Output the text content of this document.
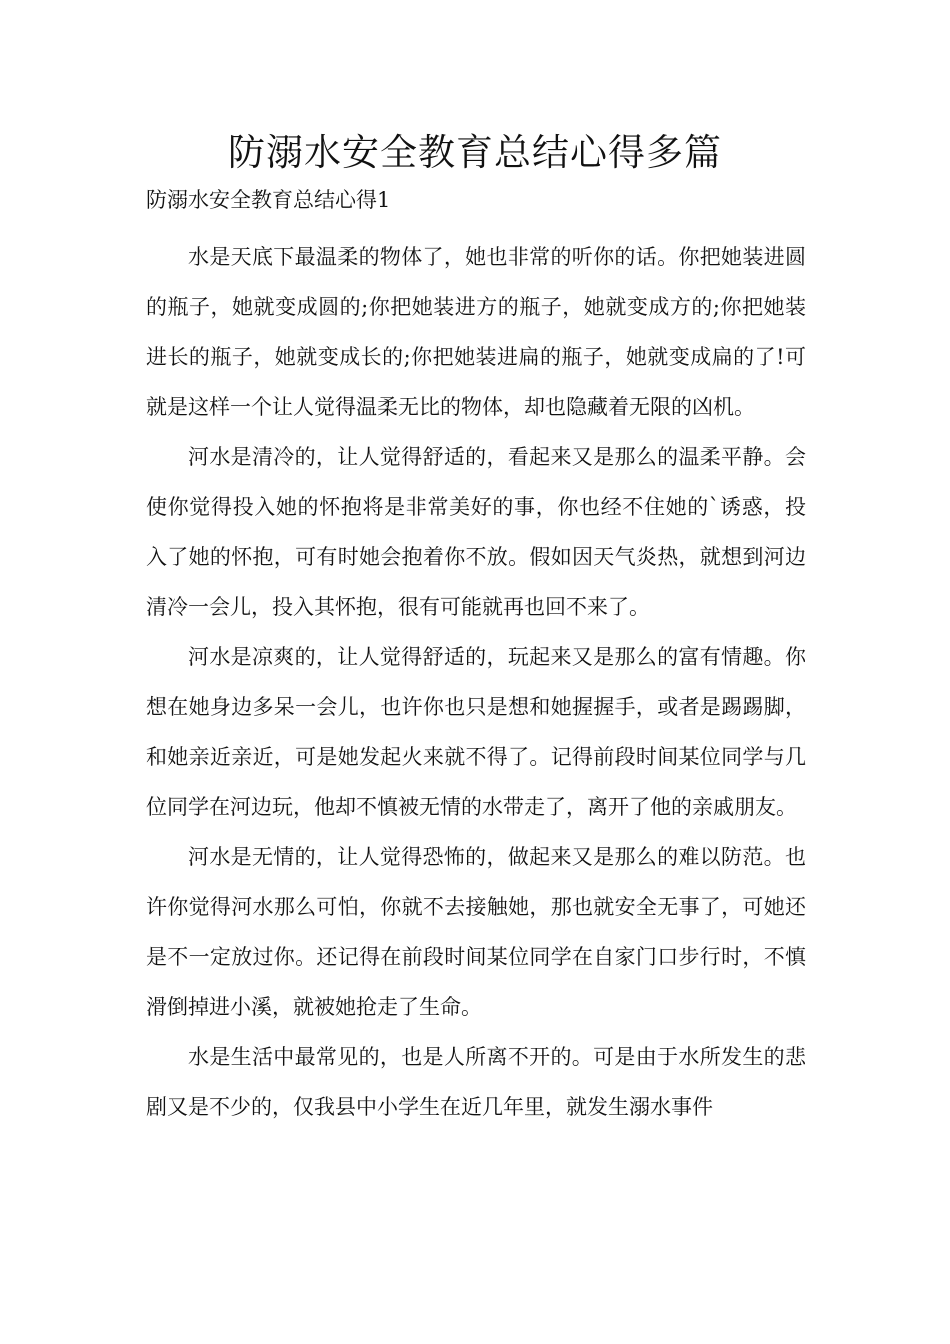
防溺水安全教育总结心得多篇
防溺水安全教育总结心得1

水是天底下最温柔的物体了，她也非常的听你的话。你把她装进圆的瓶子，她就变成圆的;你把她装进方的瓶子，她就变成方的;你把她装进长的瓶子，她就变成长的;你把她装进扁的瓶子，她就变成扁的了!可就是这样一个让人觉得温柔无比的物体，却也隐藏着无限的凶机。

河水是清冷的，让人觉得舒适的，看起来又是那么的温柔平静。会使你觉得投入她的怀抱将是非常美好的事，你也经不住她的`诱惑，投入了她的怀抱，可有时她会抱着你不放。假如因天气炎热，就想到河边清冷一会儿，投入其怀抱，很有可能就再也回不来了。

河水是凉爽的，让人觉得舒适的，玩起来又是那么的富有情趣。你想在她身边多呆一会儿，也许你也只是想和她握握手，或者是踢踢脚，和她亲近亲近，可是她发起火来就不得了。记得前段时间某位同学与几位同学在河边玩，他却不慎被无情的水带走了，离开了他的亲戚朋友。

河水是无情的，让人觉得恐怖的，做起来又是那么的难以防范。也许你觉得河水那么可怕，你就不去接触她，那也就安全无事了，可她还是不一定放过你。还记得在前段时间某位同学在自家门口步行时，不慎滑倒掉进小溪，就被她抢走了生命。

水是生活中最常见的，也是人所离不开的。可是由于水所发生的悲剧又是不少的，仅我县中小学生在近几年里，就发生溺水事件
